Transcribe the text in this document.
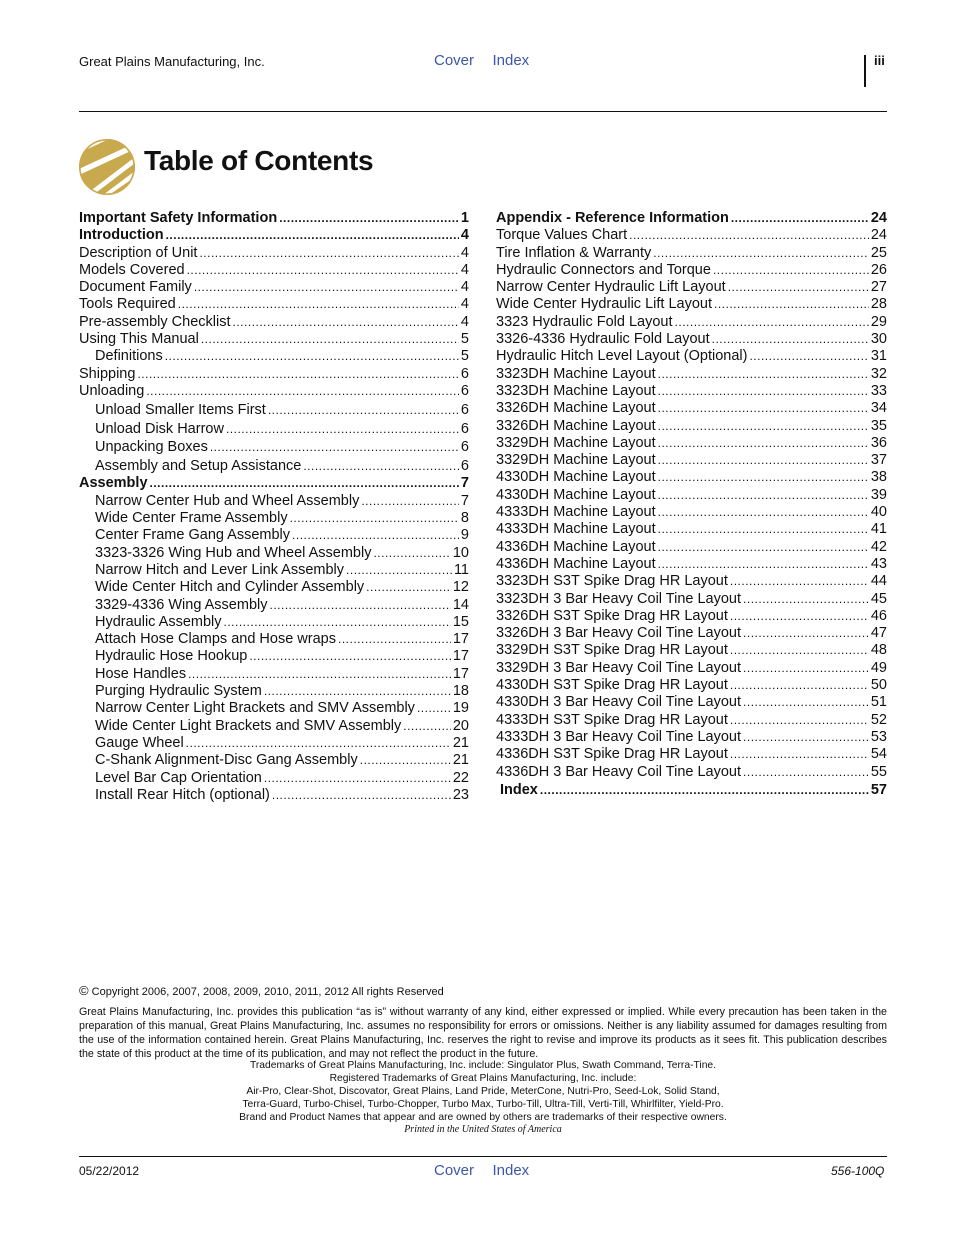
Great Plains Manufacturing, Inc.	Cover Index	iii
Table of Contents
Important Safety Information .....	1
Introduction .....	4
Description of Unit .....	4
Models Covered .....	4
Document Family .....	4
Tools Required .....	4
Pre-assembly Checklist .....	4
Using This Manual .....	5
Definitions .....	5
Shipping .....	6
Unloading .....	6
Unload Smaller Items First .....	6
Unload Disk Harrow .....	6
Unpacking Boxes .....	6
Assembly and Setup Assistance .....	6
Assembly .....	7
Narrow Center Hub and Wheel Assembly .....	7
Wide Center Frame Assembly .....	8
Center Frame Gang Assembly .....	9
3323-3326 Wing Hub and Wheel Assembly .....	10
Narrow Hitch and Lever Link Assembly .....	11
Wide Center Hitch and Cylinder Assembly .....	12
3329-4336 Wing Assembly .....	14
Hydraulic Assembly .....	15
Attach Hose Clamps and Hose wraps .....	17
Hydraulic Hose Hookup .....	17
Hose Handles .....	17
Purging Hydraulic System .....	18
Narrow Center Light Brackets and SMV Assembly .....	19
Wide Center Light Brackets and SMV Assembly .....	20
Gauge Wheel .....	21
C-Shank Alignment-Disc Gang Assembly .....	21
Level Bar Cap Orientation .....	22
Install Rear Hitch (optional) .....	23
Appendix - Reference Information .....	24
Torque Values Chart .....	24
Tire Inflation & Warranty .....	25
Hydraulic Connectors and Torque .....	26
Narrow Center Hydraulic Lift Layout .....	27
Wide Center Hydraulic Lift Layout .....	28
3323 Hydraulic Fold Layout .....	29
3326-4336 Hydraulic Fold Layout .....	30
Hydraulic Hitch Level Layout (Optional) .....	31
3323DH Machine Layout .....	32
3323DH Machine Layout .....	33
3326DH Machine Layout .....	34
3326DH Machine Layout .....	35
3329DH Machine Layout .....	36
3329DH Machine Layout .....	37
4330DH Machine Layout .....	38
4330DH Machine Layout .....	39
4333DH Machine Layout .....	40
4333DH Machine Layout .....	41
4336DH Machine Layout .....	42
4336DH Machine Layout .....	43
3323DH S3T Spike Drag HR Layout .....	44
3323DH 3 Bar Heavy Coil Tine Layout .....	45
3326DH S3T Spike Drag HR Layout .....	46
3326DH 3 Bar Heavy Coil Tine Layout .....	47
3329DH S3T Spike Drag HR Layout .....	48
3329DH 3 Bar Heavy Coil Tine Layout .....	49
4330DH S3T Spike Drag HR Layout .....	50
4330DH 3 Bar Heavy Coil Tine Layout .....	51
4333DH S3T Spike Drag HR Layout .....	52
4333DH 3 Bar Heavy Coil Tine Layout .....	53
4336DH S3T Spike Drag HR Layout .....	54
4336DH 3 Bar Heavy Coil Tine Layout .....	55
Index .....	57
© Copyright 2006, 2007, 2008, 2009, 2010, 2011, 2012 All rights Reserved
Great Plains Manufacturing, Inc. provides this publication “as is” without warranty of any kind, either expressed or implied. While every precaution has been taken in the preparation of this manual, Great Plains Manufacturing, Inc. assumes no responsibility for errors or omissions. Neither is any liability assumed for damages resulting from the use of the information contained herein. Great Plains Manufacturing, Inc. reserves the right to revise and improve its products as it sees fit. This publication describes the state of this product at the time of its publication, and may not reflect the product in the future.
Trademarks of Great Plains Manufacturing, Inc. include: Singulator Plus, Swath Command, Terra-Tine.
Registered Trademarks of Great Plains Manufacturing, Inc. include:
Air-Pro, Clear-Shot, Discovator, Great Plains, Land Pride, MeterCone, Nutri-Pro, Seed-Lok, Solid Stand,
Terra-Guard, Turbo-Chisel, Turbo-Chopper, Turbo Max, Turbo-Till, Ultra-Till, Verti-Till, Whirlfilter, Yield-Pro.
Brand and Product Names that appear and are owned by others are trademarks of their respective owners.
Printed in the United States of America
05/22/2012	Cover Index	556-100Q
